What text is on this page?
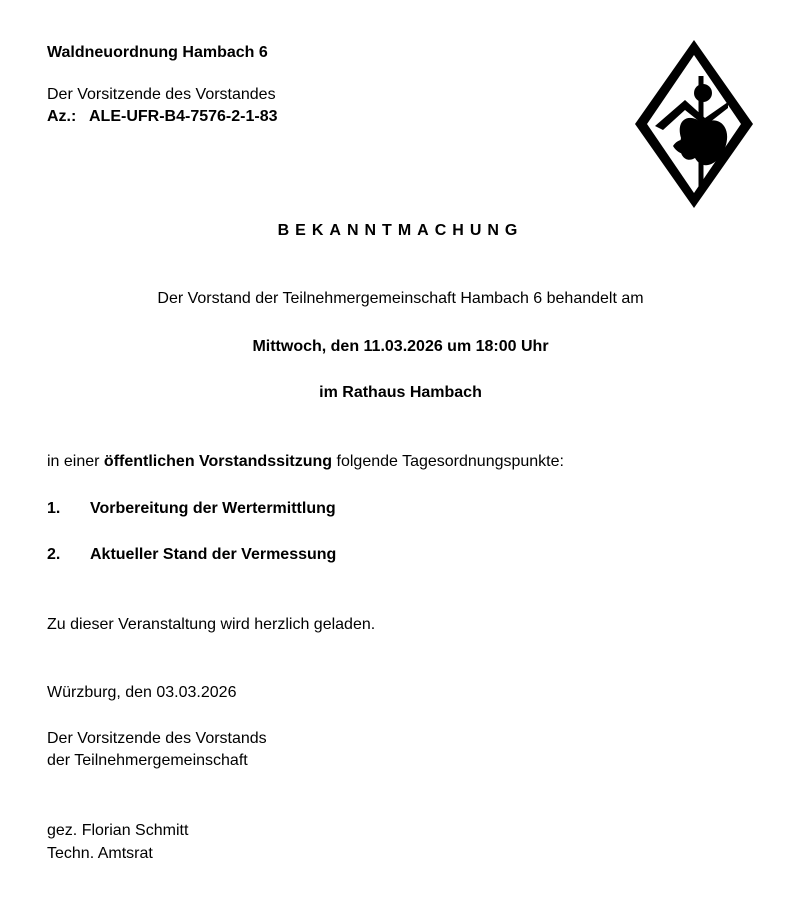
Waldneuordnung Hambach 6
Der Vorsitzende des Vorstandes
Az.: ALE-UFR-B4-7576-2-1-83
BEKANNTMACHUNG
Der Vorstand der Teilnehmergemeinschaft Hambach 6 behandelt am
Mittwoch, den 11.03.2026 um 18:00 Uhr
im Rathaus Hambach
in einer öffentlichen Vorstandssitzung folgende Tagesordnungspunkte:
1. Vorbereitung der Wertermittlung
2. Aktueller Stand der Vermessung
Zu dieser Veranstaltung wird herzlich geladen.
Würzburg, den 03.03.2026
Der Vorsitzende des Vorstands
der Teilnehmergemeinschaft
gez. Florian Schmitt
Techn. Amtsrat
